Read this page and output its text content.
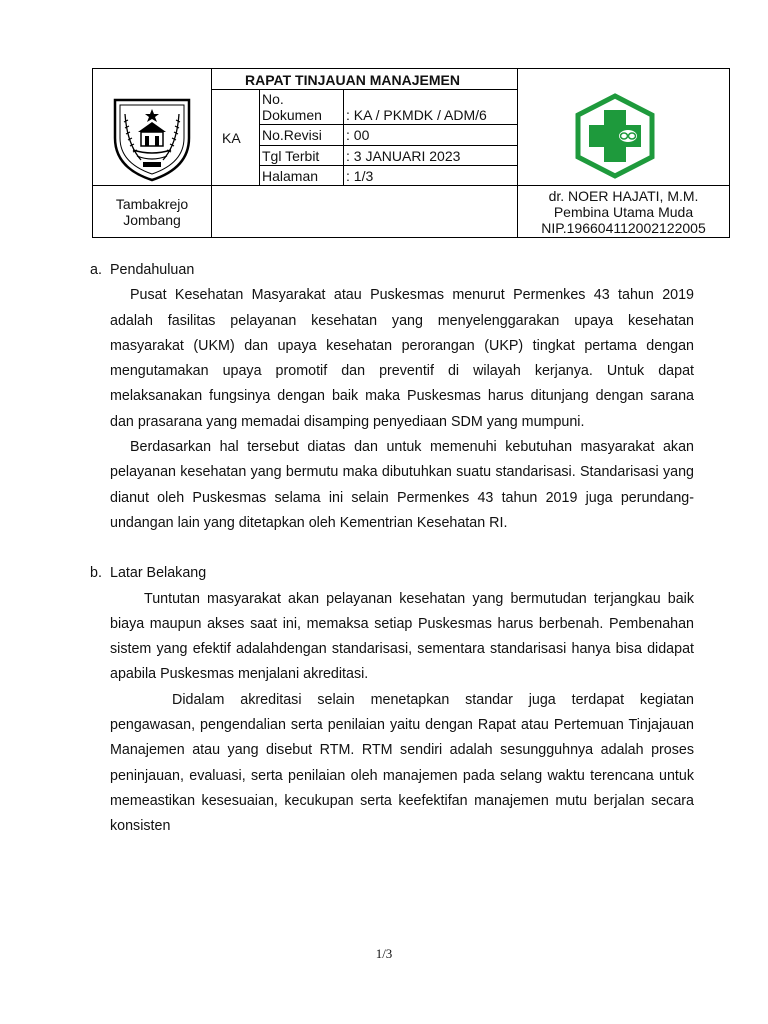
RAPAT TINJAUAN MANAJEMEN
KA
No.
Dokumen : KA / PKMDK / ADM/6
No.Revisi : 00
Tgl Terbit : 3 JANUARI 2023
Halaman : 1/3
Tambakrejo
Jombang
dr. NOER HAJATI, M.M.
Pembina Utama Muda
NIP.196604112002122005
a. Pendahuluan

Pusat Kesehatan Masyarakat atau Puskesmas menurut Permenkes 43 tahun 2019 adalah fasilitas pelayanan kesehatan yang menyelenggarakan upaya kesehatan masyarakat (UKM) dan upaya kesehatan perorangan (UKP) tingkat pertama dengan mengutamakan upaya promotif dan preventif di wilayah kerjanya. Untuk dapat melaksanakan fungsinya dengan baik maka Puskesmas harus ditunjang dengan sarana dan prasarana yang memadai disamping penyediaan SDM yang mumpuni.

Berdasarkan hal tersebut diatas dan untuk memenuhi kebutuhan masyarakat akan pelayanan kesehatan yang bermutu maka dibutuhkan suatu standarisasi. Standarisasi yang dianut oleh Puskesmas selama ini selain Permenkes 43 tahun 2019 juga perundang-undangan lain yang ditetapkan oleh Kementrian Kesehatan RI.

b. Latar Belakang

Tuntutan masyarakat akan pelayanan kesehatan yang bermutudan terjangkau baik biaya maupun akses saat ini, memaksa setiap Puskesmas harus berbenah. Pembenahan sistem yang efektif adalahdengan standarisasi, sementara standarisasi hanya bisa didapat apabila Puskesmas menjalani akreditasi.

Didalam akreditasi selain menetapkan standar juga terdapat kegiatan pengawasan, pengendalian serta penilaian yaitu dengan Rapat atau Pertemuan Tinjajauan Manajemen atau yang disebut RTM. RTM sendiri adalah sesungguhnya adalah proses peninjauan, evaluasi, serta penilaian oleh manajemen pada selang waktu terencana untuk memeastikan kesesuaian, kecukupan serta keefektifan manajemen mutu berjalan secara konsisten

1/3
